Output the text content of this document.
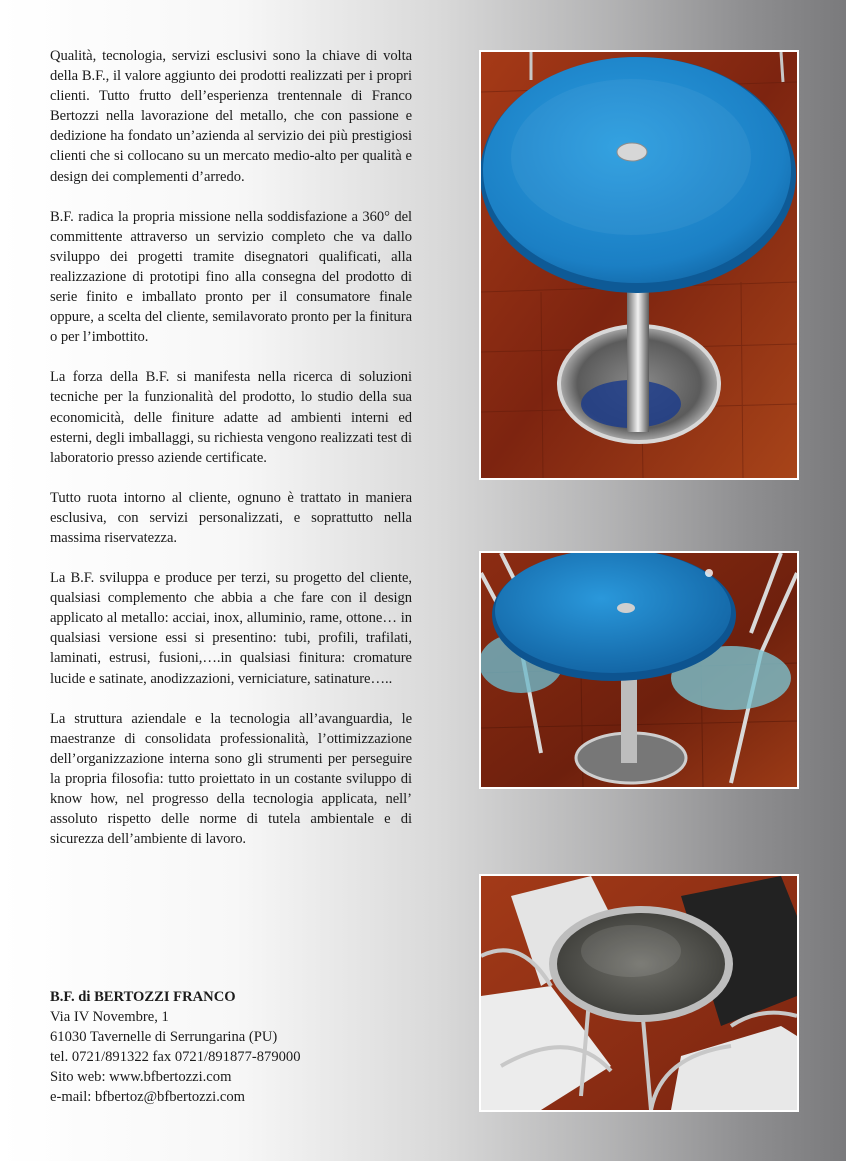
Qualità, tecnologia, servizi esclusivi sono la chiave di volta della B.F., il valore aggiunto dei prodotti realizzati per i propri clienti. Tutto frutto dell’esperienza trentennale di Franco Bertozzi nella lavorazione del metallo, che con passione e dedizione ha fondato un’azienda al servizio dei più prestigiosi clienti che si collocano su un mercato medio-alto per qualità e design dei complementi d’arredo.

B.F. radica la propria missione nella soddisfazione a 360° del committente attraverso un servizio completo che va dallo sviluppo dei progetti tramite disegnatori qualificati, alla realizzazione di prototipi fino alla consegna del prodotto di serie finito e imballato pronto per il consumatore finale oppure, a scelta del cliente, semilavorato pronto per la finitura o per l’imbottito.

La forza della B.F. si manifesta nella ricerca di soluzioni tecniche per la funzionalità del prodotto, lo studio della sua economicità, delle finiture adatte ad ambienti interni ed esterni, degli imballaggi, su richiesta vengono realizzati test di laboratorio presso aziende certificate.

Tutto ruota intorno al cliente, ognuno è trattato in maniera esclusiva, con servizi personalizzati, e soprattutto nella massima riservatezza.

La B.F. sviluppa e produce per terzi, su progetto del cliente, qualsiasi complemento che abbia a che fare con il design applicato al metallo: acciai, inox, alluminio, rame, ottone… in qualsiasi versione essi si presentino: tubi, profili, trafilati, laminati, estrusi, fusioni,….in qualsiasi finitura: cromature lucide e satinate, anodizzazioni, verniciature, satinature…..

La struttura aziendale e la tecnologia all’avanguardia, le maestranze di consolidata professionalità, l’ottimizzazione dell’organizzazione interna sono gli strumenti per perseguire la propria filosofia: tutto proiettato in un costante sviluppo di know how, nel progresso della tecnologia applicata, nell’ assoluto rispetto delle norme di tutela ambientale e di sicurezza dell’ambiente di lavoro.

B.F. di BERTOZZI FRANCO
Via IV Novembre, 1
61030 Tavernelle di Serrungarina (PU)
tel. 0721/891322 fax 0721/891877-879000
Sito web: www.bfbertozzi.com
e-mail: bfbertoz@bfbertozzi.com
